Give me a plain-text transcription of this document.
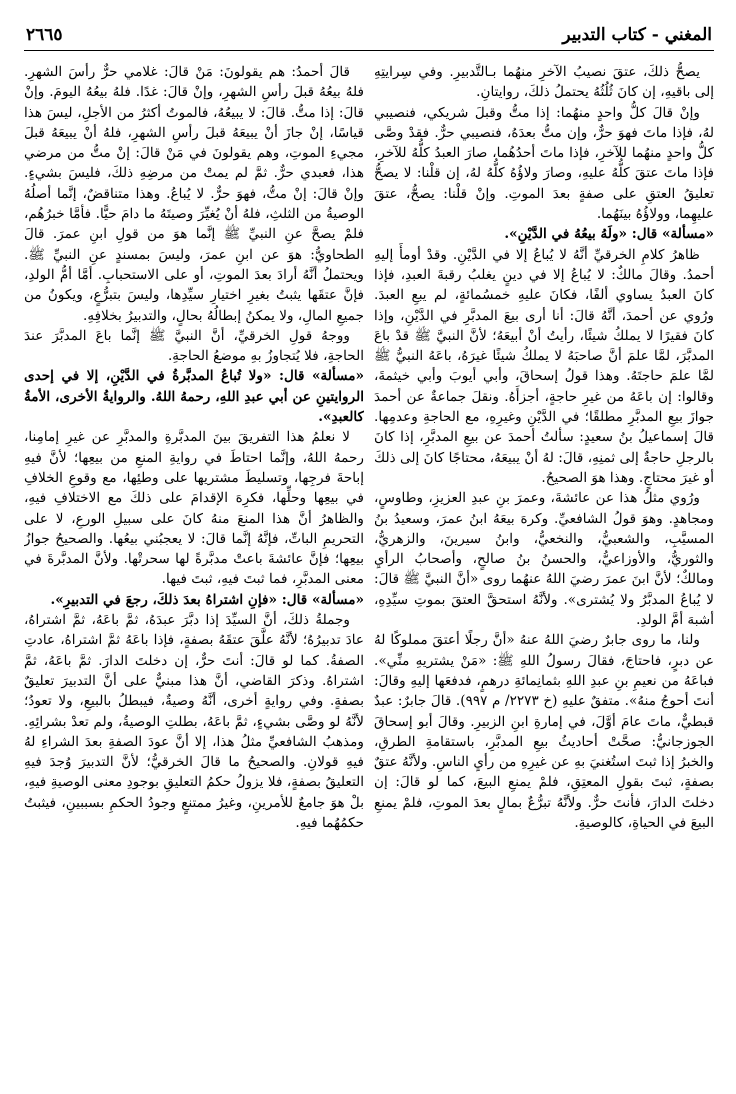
المغني - كتاب التدبير
٢٦٦٥

يصحُّ ذلكَ، عتقَ نصيبُ الآخرِ منهُما بـالتَّدبيرِ. وفي سِرايتِهِ إلى باقيهِ، إن كانَ ثُلُثُهُ يحتملُ ذلكَ، روايتانِ.

وإنْ قالَ كلُّ واحدٍ منهُما: إذا متُّ وقبلَ شريكي، فنصيبي لهُ، فإذا ماتَ فهوَ حرٌّ، وإن متُّ بعدَهُ، فنصيبي حرٌّ. فقدْ وصَّى كلُّ واحدٍ منهُما للآخرِ، فإذا ماتَ أحدُهُما، صارَ العبدُ كلُّهُ للآخرِ، فإذا ماتَ عتقَ كلُّهُ عليهِ، وصارَ ولاؤُهُ كلُّهُ لهُ، إن قلْنا: لا يصحُّ تعليقُ العتقِ على صفةٍ بعدَ الموتِ. وإنْ قلْنا: يصحُّ، عتقَ عليهِما، وولاؤُهُ بينَهُما.

«مسألة» قال: «ولَهُ بيعُهُ في الدَّيْنِ».

ظاهرُ كلامِ الخرقيِّ أنَّهُ لا يُباعُ إلا في الدَّيْنِ. وقدْ أومأَ إليهِ أحمدُ. وقالَ مالكٌ: لا يُباعُ إلا في دينٍ يغلبُ رقبةَ العبدِ، فإذا كانَ العبدُ يساوي ألفًا، فكانَ عليهِ خمسُمائةٍ، لم يبعِ العبدَ. ورُوي عن أحمدَ، أنَّهُ قالَ: أنا أرى بيعَ المدبَّرِ في الدَّيْنِ، وإذا كانَ فقيرًا لا يملكُ شيئًا، رأيتُ أنْ أبيعَهُ؛ لأنَّ النبيَّ ﷺ قدْ باعَ المدبَّرَ، لمَّا علمَ أنَّ صاحبَهُ لا يملكُ شيئًا غيرَهُ، باعَهُ النبيُّ ﷺ لمَّا علمَ حاجتَهُ. وهذا قولُ إسحاقَ، وأبي أيوبَ وأبي خيثمةَ، وقالوا: إن باعَهُ من غيرِ حاجةٍ، أجزأَهُ. ونقلَ جماعةٌ عن أحمدَ جوازَ بيعِ المدبَّرِ مطلقًا؛ في الدَّيْنِ وغيرِهِ، مع الحاجةِ وعدمِها. قالَ إسماعيلُ بنُ سعيدٍ: سألتُ أحمدَ عن بيعِ المدبَّرِ، إذا كانَ بالرجلِ حاجةٌ إلى ثمنِهِ، قالَ: لهُ أنْ يبيعَهُ، محتاجًا كانَ إلى ذلكَ أو غيرَ محتاجٍ. وهذا هوَ الصحيحُ.

ورُوي مثلُ هذا عن عائشةَ، وعمرَ بنِ عبدِ العزيزِ، وطاوسٍ، ومجاهدٍ. وهوَ قولُ الشافعيِّ. وكرهَ بيعَهُ ابنُ عمرَ، وسعيدُ بنُ المسيَّبِ، والشعبيُّ، والنخعيُّ، وابنُ سيرينَ، والزهريُّ، والثوريُّ، والأوزاعيُّ، والحسنُ بنُ صالحٍ، وأصحابُ الرأيِ ومالكٌ؛ لأنَّ ابنَ عمرَ رضيَ اللهُ عنهُما روى «أنَّ النبيَّ ﷺ قالَ: لا يُباعُ المدبَّرُ ولا يُشترى». ولأنَّهُ استحقَّ العتقَ بموتِ سيِّدِهِ، أشبهَ أمَّ الولدِ.

ولنا، ما روى جابرٌ رضيَ اللهُ عنهُ «أنَّ رجلًا أعتقَ مملوكًا لهُ عن دبرٍ، فاحتاجَ، فقالَ رسولُ اللهِ ﷺ: «مَنْ يشتريهِ منِّي». فباعَهُ من نعيمِ بنِ عبدِ اللهِ بثمانِمائةِ درهمٍ، فدفعَها إليهِ وقالَ: أنتَ أحوجُ منهُ». متفقٌ عليهِ (خ ٢٢٧٣/ م ٩٩٧). قالَ جابرٌ: عبدٌ قبطيٌّ، ماتَ عامَ أوَّلَ، في إمارةِ ابنِ الزبيرِ. وقالَ أبو إسحاقَ الجوزجانيُّ: صحَّتْ أحاديثُ بيعِ المدبَّرِ، باستقامةِ الطرقِ، والخبرُ إذا ثبتَ استُغنيَ بهِ عن غيرِهِ من رأيِ الناسِ. ولأنَّهُ عتقٌ بصفةٍ، ثبتَ بقولِ المعتِقِ، فلمْ يمنعِ البيعَ، كما لو قالَ: إن دخلتَ الدارَ، فأنتَ حرٌّ. ولأنَّهُ تبرُّعٌ بمالٍ بعدَ الموتِ، فلمْ يمنعِ البيعَ في الحياةِ، كالوصيةِ.

قالَ أحمدُ: هم يقولونَ: مَنْ قالَ: غلامي حرٌّ رأسَ الشهرِ. فلهُ بيعُهُ قبلَ رأسِ الشهرِ، وإنْ قالَ: غدًا. فلهُ بيعُهُ اليومَ. وإنْ قالَ: إذا متُّ. قالَ: لا يبيعُهُ، فالموتُ أكثرُ من الأجلِ، ليسَ هذا قياسًا، إنْ جازَ أنْ يبيعَهُ قبلَ رأسِ الشهرِ، فلهُ أنْ يبيعَهُ قبلَ مجيءِ الموتِ، وهم يقولونَ في مَنْ قالَ: إنْ متُّ من مرضي هذا، فعبدي حرٌّ. ثمَّ لم يمتْ من مرضِهِ ذلكَ، فليسَ بشيءٍ. وإنْ قالَ: إنْ متُّ، فهوَ حرٌّ. لا يُباعُ. وهذا متناقضٌ، إنَّما أصلُهُ الوصيةُ من الثلثِ، فلهُ أنْ يُغيِّرَ وصيتَهُ ما دامَ حيًّا. فأمَّا خبرُهُم، فلمْ يصحَّ عنِ النبيِّ ﷺ إنَّما هوَ من قولِ ابنِ عمرَ. قالَ الطحاويُّ: هوَ عن ابنِ عمرَ، وليسَ بمسندٍ عنِ النبيِّ ﷺ. ويحتملُ أنَّهُ أرادَ بعدَ الموتِ، أو على الاستحبابِ. أمَّا أمُّ الولدِ، فإنَّ عتقَها يثبتُ بغيرِ اختيارِ سيِّدِها، وليسَ بتبرُّعٍ، ويكونُ من جميعِ المالِ، ولا يمكنُ إبطالُهُ بحالٍ، والتدبيرُ بخلافِهِ.

ووجهُ قولِ الخرقيِّ، أنَّ النبيَّ ﷺ إنَّما باعَ المدبَّرَ عندَ الحاجةِ، فلا يُتجاوزُ بهِ موضعُ الحاجةِ.

«مسألة» قال: «ولا تُباعُ المدبَّرةُ في الدَّيْنِ، إلا في إحدى الروايتينِ عن أبي عبدِ اللهِ، رحمهُ اللهُ. والروايةُ الأخرى، الأمةُ كالعبدِ».

لا نعلمُ هذا التفريقَ بينَ المدبَّرةِ والمدبَّرِ عن غيرِ إمامِنا، رحمهُ اللهُ، وإنَّما احتاطَ في روايةِ المنعِ من بيعِها؛ لأنَّ فيهِ إباحةَ فرجِها، وتسليطَ مشتريها على وطئِها، مع وقوعِ الخلافِ في بيعِها وحلِّها، فكرِهَ الإقدامَ على ذلكَ مع الاختلافِ فيهِ، والظاهرُ أنَّ هذا المنعَ منهُ كانَ على سبيلِ الورعِ، لا على التحريمِ الباتِّ، فإنَّهُ إنَّما قالَ: لا يعجبُني بيعُها. والصحيحُ جوازُ بيعِها؛ فإنَّ عائشةَ باعتْ مدبَّرةً لها سحرتْها. ولأنَّ المدبَّرةَ في معنى المدبَّرِ، فما ثبتَ فيهِ، ثبتَ فيها.

«مسألة» قال: «فإنِ اشتراهُ بعدَ ذلكَ، رجعَ في التدبيرِ».

وجملةُ ذلكَ، أنَّ السيِّدَ إذا دبَّرَ عبدَهُ، ثمَّ باعَهُ، ثمَّ اشتراهُ، عادَ تدبيرُهُ؛ لأنَّهُ علَّقَ عتقَهُ بصفةٍ، فإذا باعَهُ ثمَّ اشتراهُ، عادتِ الصفةُ. كما لو قالَ: أنتَ حرٌّ، إن دخلتَ الدارَ. ثمَّ باعَهُ، ثمَّ اشتراهُ. وذكرَ القاضي، أنَّ هذا مبنيٌّ على أنَّ التدبيرَ تعليقٌ بصفةٍ. وفي روايةٍ أخرى، أنَّهُ وصيةٌ، فيبطلُ بالبيعِ، ولا تعودُ؛ لأنَّهُ لو وصَّى بشيءٍ، ثمَّ باعَهُ، بطلتِ الوصيةُ، ولم تعدْ بشرائِهِ. ومذهبُ الشافعيِّ مثلُ هذا، إلا أنَّ عودَ الصفةِ بعدَ الشراءِ لهُ فيهِ قولانِ. والصحيحُ ما قالَ الخرقيُّ؛ لأنَّ التدبيرَ وُجدَ فيهِ التعليقُ بصفةٍ، فلا يزولُ حكمُ التعليقِ بوجودِ معنى الوصيةِ فيهِ، بلْ هوَ جامعٌ للأمرينِ، وغيرُ ممتنعٍ وجودُ الحكمِ بسببينِ، فيثبتُ حكمُهُما فيهِ.
